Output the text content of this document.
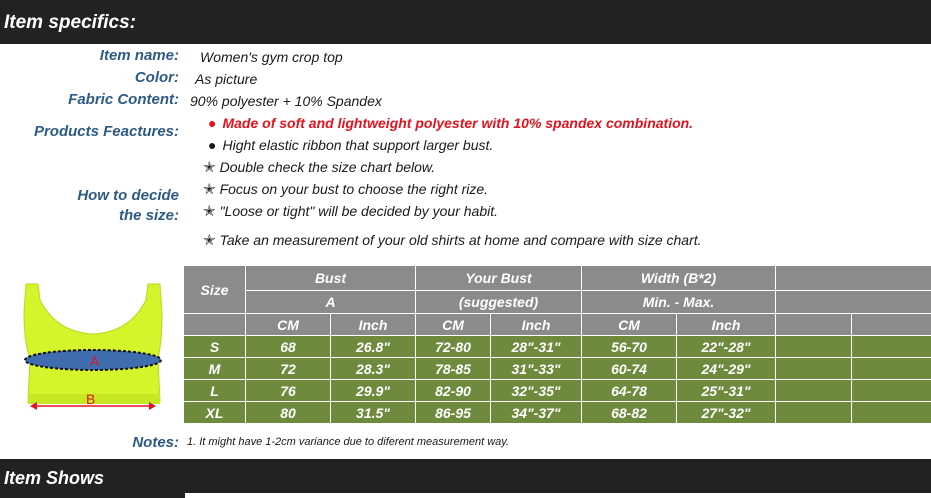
Item specifics:
Item name: Women's gym crop top
Color: As picture
Fabric Content: 90% polyester + 10% Spandex
Products Feactures: ● Made of soft and lightweight polyester with 10% spandex combination.
● Hight elastic ribbon that support larger bust.
How to decide
the size:
✭ Double check the size chart below.
✭ Focus on your bust to choose the right rize.
✭ "Loose or tight" will be decided by your habit.
✭ Take an measurement of your old shirts at home and compare with size chart.
A
B
Size	Bust		Your Bust		Width (B*2)			
	A		(suggested)		Min. - Max.			
	CM	Inch	CM	Inch	CM	Inch		
S	68	26.8"	72-80	28"-31"	56-70	22"-28"		
M	72	28.3"	78-85	31"-33"	60-74	24"-29"		
L	76	29.9"	82-90	32"-35"	64-78	25"-31"		
XL	80	31.5"	86-95	34"-37"	68-82	27"-32"		
Notes: 1. It might have 1-2cm variance due to diferent measurement way.
Item Shows
